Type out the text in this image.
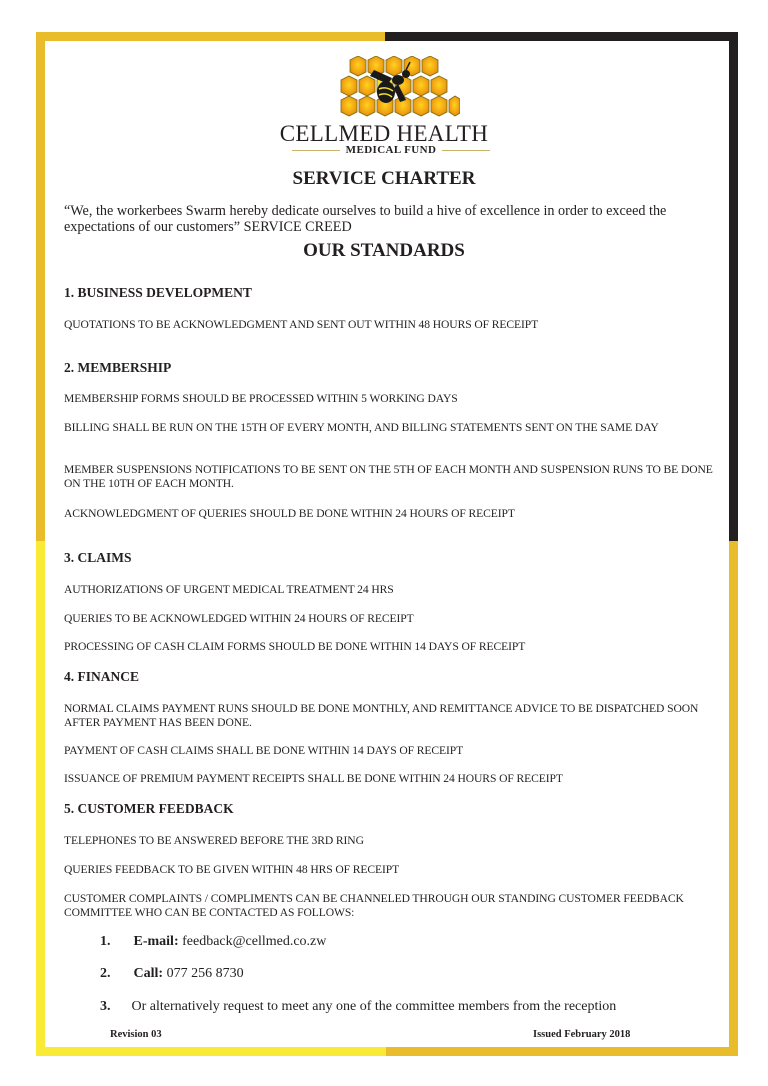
CELLMED HEALTH
MEDICAL FUND
SERVICE CHARTER
“We, the workerbees Swarm hereby dedicate ourselves to build a hive of excellence in order to exceed the expectations of our customers” SERVICE CREED
OUR STANDARDS
1. BUSINESS DEVELOPMENT
QUOTATIONS TO BE ACKNOWLEDGMENT AND SENT OUT WITHIN 48 HOURS OF RECEIPT
2. MEMBERSHIP
MEMBERSHIP FORMS SHOULD BE PROCESSED WITHIN 5 WORKING DAYS
BILLING SHALL BE RUN ON THE 15TH OF EVERY MONTH, AND BILLING STATEMENTS SENT ON THE SAME DAY
MEMBER SUSPENSIONS NOTIFICATIONS TO BE SENT ON THE 5TH OF EACH MONTH AND SUSPENSION RUNS TO BE DONE ON THE 10TH OF EACH MONTH.
ACKNOWLEDGMENT OF QUERIES SHOULD BE DONE WITHIN 24 HOURS OF RECEIPT
3. CLAIMS
AUTHORIZATIONS OF URGENT MEDICAL TREATMENT 24 HRS
QUERIES TO BE ACKNOWLEDGED WITHIN 24 HOURS OF RECEIPT
PROCESSING OF CASH CLAIM FORMS SHOULD BE DONE WITHIN 14 DAYS OF RECEIPT
4. FINANCE
NORMAL CLAIMS PAYMENT RUNS SHOULD BE DONE MONTHLY, AND REMITTANCE ADVICE TO BE DISPATCHED SOON AFTER PAYMENT HAS BEEN DONE.
PAYMENT OF CASH CLAIMS SHALL BE DONE WITHIN 14 DAYS OF RECEIPT
ISSUANCE OF PREMIUM PAYMENT RECEIPTS SHALL BE DONE WITHIN 24 HOURS OF RECEIPT
5. CUSTOMER FEEDBACK
TELEPHONES TO BE ANSWERED BEFORE THE 3RD RING
QUERIES FEEDBACK TO BE GIVEN WITHIN 48 HRS OF RECEIPT
CUSTOMER COMPLAINTS / COMPLIMENTS CAN BE CHANNELED THROUGH OUR STANDING CUSTOMER FEEDBACK COMMITTEE WHO CAN BE CONTACTED AS FOLLOWS:
1. E-mail: feedback@cellmed.co.zw
2. Call: 077 256 8730
3. Or alternatively request to meet any one of the committee members from the reception
Revision 03	Issued February 2018
